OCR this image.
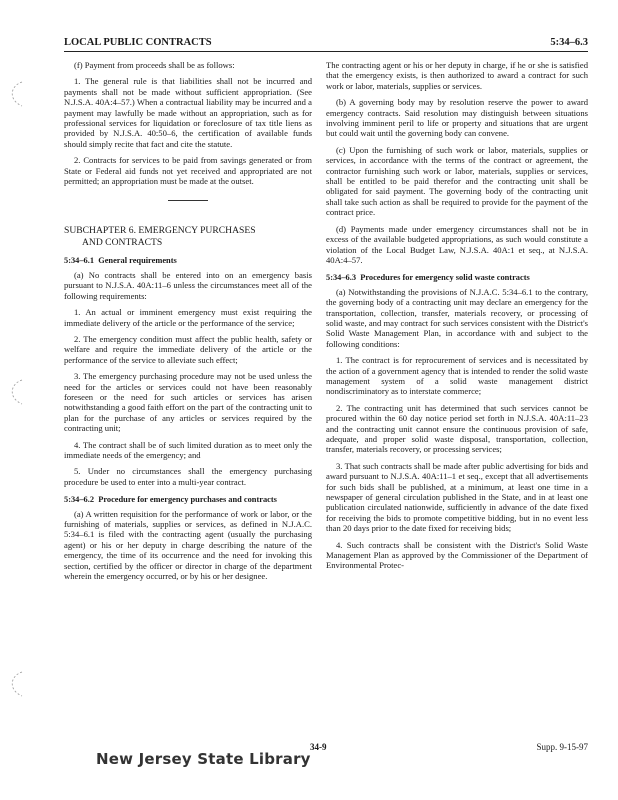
LOCAL PUBLIC CONTRACTS	5:34–6.3

(f) Payment from proceeds shall be as follows:

1. The general rule is that liabilities shall not be incurred and payments shall not be made without sufficient appropriation. (See N.J.S.A. 40A:4–57.) When a contractual liability may be incurred and a payment may lawfully be made without an appropriation, such as for professional services for liquidation or foreclosure of tax title liens as provided by N.J.S.A. 40:50–6, the certification of available funds should simply recite that fact and cite the statute.

2. Contracts for services to be paid from savings generated or from State or Federal aid funds not yet received and appropriated are not permitted; an appropriation must be made at the outset.

SUBCHAPTER 6. EMERGENCY PURCHASES
AND CONTRACTS

5:34–6.1 General requirements

(a) No contracts shall be entered into on an emergency basis pursuant to N.J.S.A. 40A:11–6 unless the circumstances meet all of the following requirements:

1. An actual or imminent emergency must exist requiring the immediate delivery of the article or the performance of the service;

2. The emergency condition must affect the public health, safety or welfare and require the immediate delivery of the article or the performance of the service to alleviate such effect;

3. The emergency purchasing procedure may not be used unless the need for the articles or services could not have been reasonably foreseen or the need for such articles or services has arisen notwithstanding a good faith effort on the part of the contracting unit to plan for the purchase of any articles or services required by the contracting unit;

4. The contract shall be of such limited duration as to meet only the immediate needs of the emergency; and

5. Under no circumstances shall the emergency purchasing procedure be used to enter into a multi-year contract.

5:34–6.2 Procedure for emergency purchases and contracts

(a) A written requisition for the performance of work or labor, or the furnishing of materials, supplies or services, as defined in N.J.A.C. 5:34–6.1 is filed with the contracting agent (usually the purchasing agent) or his or her deputy in charge describing the nature of the emergency, the time of its occurrence and the need for invoking this section, certified by the officer or director in charge of the department wherein the emergency occurred, or by his or her designee.

The contracting agent or his or her deputy in charge, if he or she is satisfied that the emergency exists, is then authorized to award a contract for such work or labor, materials, supplies or services.

(b) A governing body may by resolution reserve the power to award emergency contracts. Said resolution may distinguish between situations involving imminent peril to life or property and situations that are urgent but could wait until the governing body can convene.

(c) Upon the furnishing of such work or labor, materials, supplies or services, in accordance with the terms of the contract or agreement, the contractor furnishing such work or labor, materials, supplies or services, shall be entitled to be paid therefor and the contracting unit shall be obligated for said payment. The governing body of the contracting unit shall take such action as shall be required to provide for the payment of the contract price.

(d) Payments made under emergency circumstances shall not be in excess of the available budgeted appropriations, as such would constitute a violation of the Local Budget Law, N.J.S.A. 40A:1 et seq., at N.J.S.A. 40A:4–57.

5:34–6.3 Procedures for emergency solid waste contracts

(a) Notwithstanding the provisions of N.J.A.C. 5:34–6.1 to the contrary, the governing body of a contracting unit may declare an emergency for the transportation, collection, transfer, materials recovery, or processing of solid waste, and may contract for such services consistent with the District's Solid Waste Management Plan, in accordance with and subject to the following conditions:

1. The contract is for reprocurement of services and is necessitated by the action of a government agency that is intended to render the solid waste management system of a solid waste management district nondiscriminatory as to interstate commerce;

2. The contracting unit has determined that such services cannot be procured within the 60 day notice period set forth in N.J.S.A. 40A:11–23 and the contracting unit cannot ensure the continuous provision of safe, adequate, and proper solid waste disposal, transportation, collection, transfer, materials recovery, or processing services;

3. That such contracts shall be made after public advertising for bids and award pursuant to N.J.S.A. 40A:11–1 et seq., except that all advertisements for such bids shall be published, at a minimum, at least one time in a newspaper of general circulation published in the State, and in at least one publication circulated nationwide, sufficiently in advance of the date fixed for receiving the bids to promote competitive bidding, but in no event less than 20 days prior to the date fixed for receiving bids;

4. Such contracts shall be consistent with the District's Solid Waste Management Plan as approved by the Commissioner of the Department of Environmental Protec-

New Jersey State Library
34-9	Supp. 9-15-97
